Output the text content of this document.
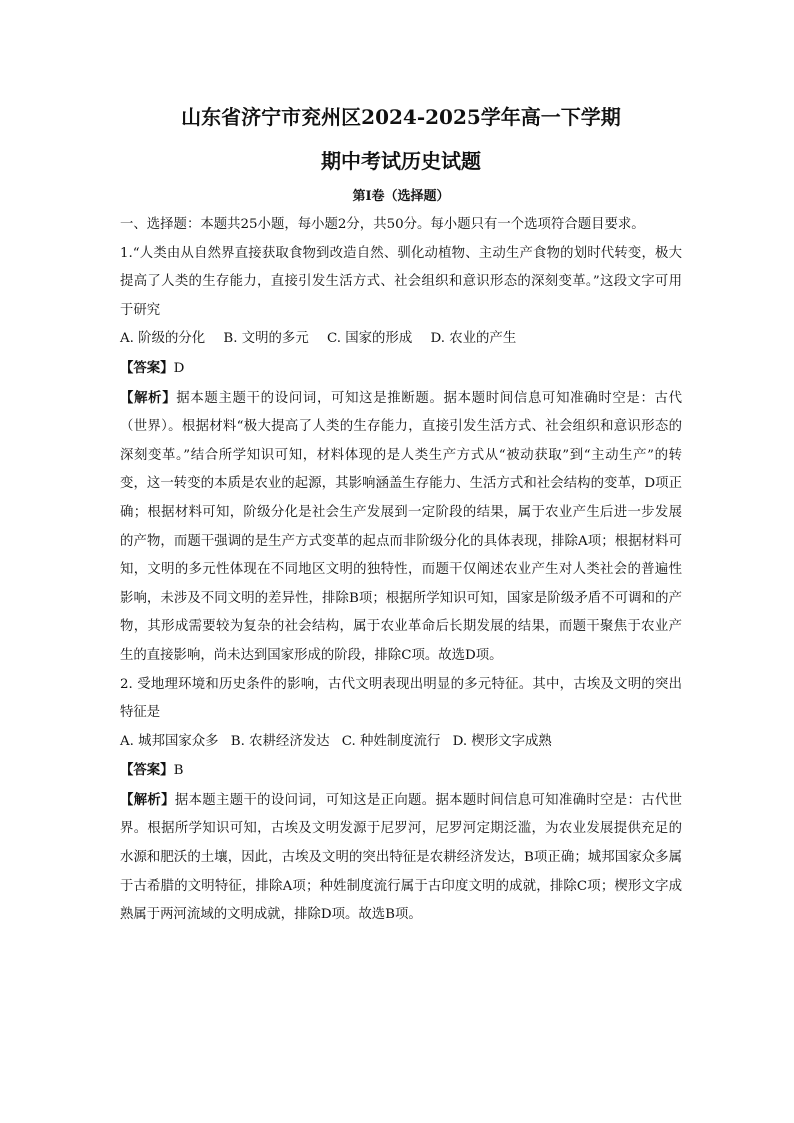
山东省济宁市兖州区2024-2025学年高一下学期
期中考试历史试题
第Ⅰ卷（选择题）

一、选择题：本题共25小题，每小题2分，共50分。每小题只有一个选项符合题目要求。

1.“人类由从自然界直接获取食物到改造自然、驯化动植物、主动生产食物的划时代转变，极大提高了人类的生存能力，直接引发生活方式、社会组织和意识形态的深刻变革。”这段文字可用于研究

A. 阶级的分化 B. 文明的多元 C. 国家的形成 D. 农业的产生

【答案】D

【解析】据本题主题干的设问词，可知这是推断题。据本题时间信息可知准确时空是：古代（世界）。根据材料“极大提高了人类的生存能力，直接引发生活方式、社会组织和意识形态的深刻变革。”结合所学知识可知，材料体现的是人类生产方式从“被动获取”到“主动生产”的转变，这一转变的本质是农业的起源，其影响涵盖生存能力、生活方式和社会结构的变革，D项正确；根据材料可知，阶级分化是社会生产发展到一定阶段的结果，属于农业产生后进一步发展的产物，而题干强调的是生产方式变革的起点而非阶级分化的具体表现，排除A项；根据材料可知，文明的多元性体现在不同地区文明的独特性，而题干仅阐述农业产生对人类社会的普遍性影响，未涉及不同文明的差异性，排除B项；根据所学知识可知，国家是阶级矛盾不可调和的产物，其形成需要较为复杂的社会结构，属于农业革命后长期发展的结果，而题干聚焦于农业产生的直接影响，尚未达到国家形成的阶段，排除C项。故选D项。

2. 受地理环境和历史条件的影响，古代文明表现出明显的多元特征。其中，古埃及文明的突出特征是

A. 城邦国家众多 B. 农耕经济发达 C. 种姓制度流行 D. 楔形文字成熟

【答案】B

【解析】据本题主题干的设问词，可知这是正向题。据本题时间信息可知准确时空是：古代世界。根据所学知识可知，古埃及文明发源于尼罗河，尼罗河定期泛滥，为农业发展提供充足的水源和肥沃的土壤，因此，古埃及文明的突出特征是农耕经济发达，B项正确；城邦国家众多属于古希腊的文明特征，排除A项；种姓制度流行属于古印度文明的成就，排除C项；楔形文字成熟属于两河流域的文明成就，排除D项。故选B项。
